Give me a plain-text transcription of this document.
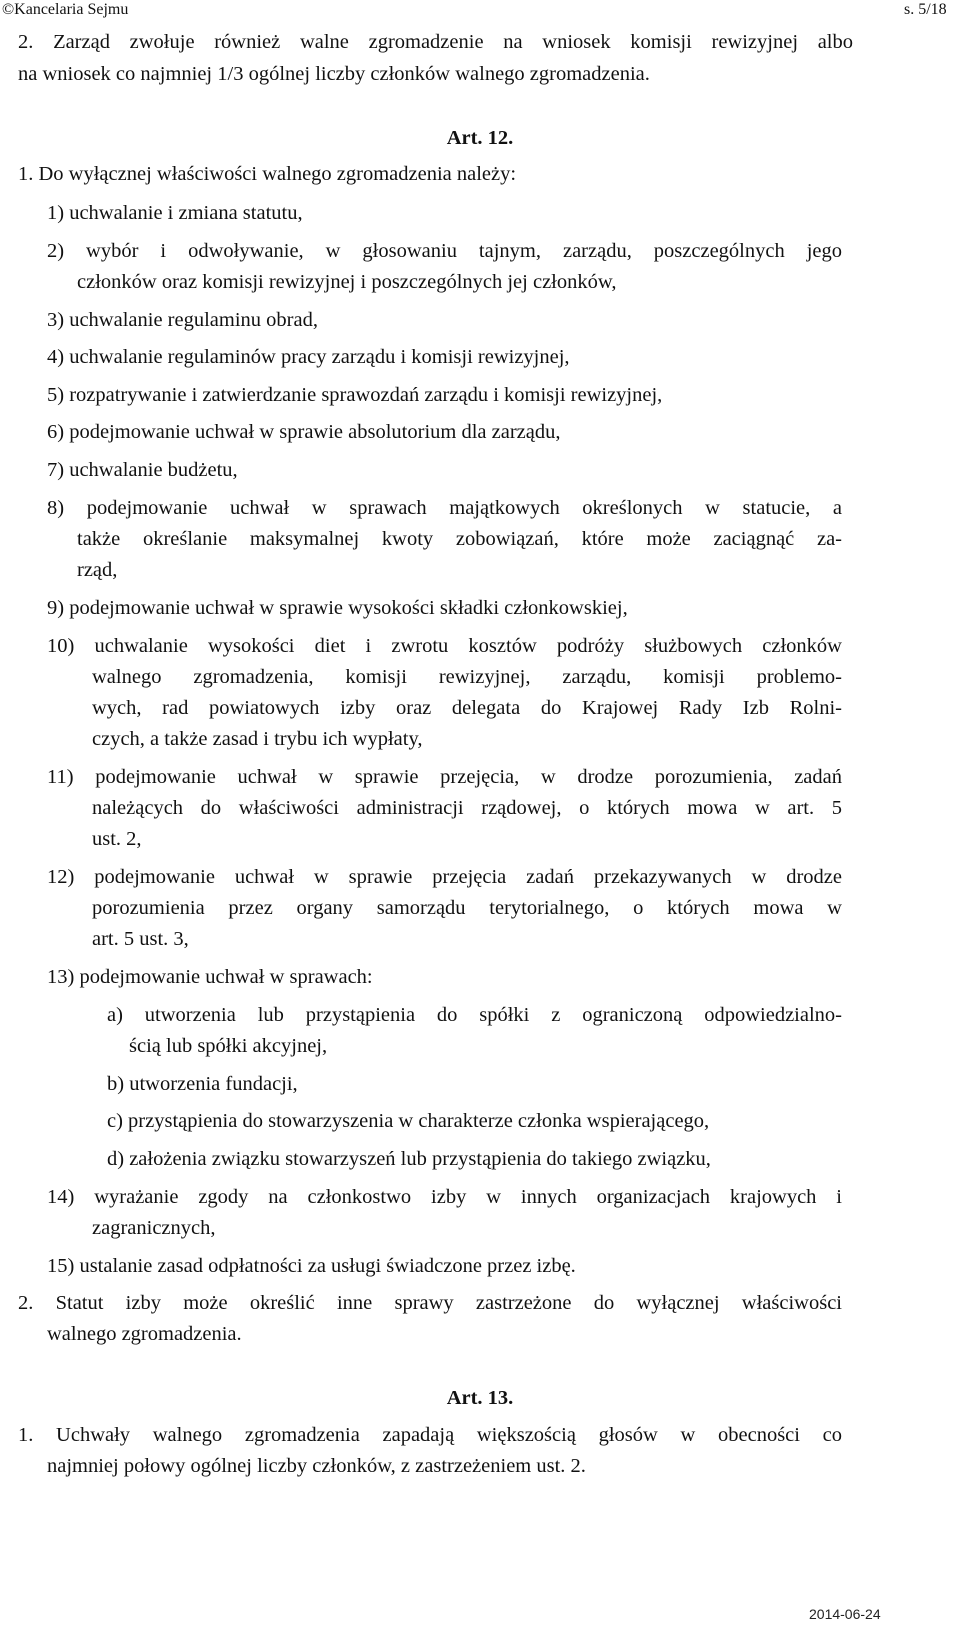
©Kancelaria Sejmu	s. 5/18
2. Zarząd zwołuje również walne zgromadzenie na wniosek komisji rewizyjnej albo
na wniosek co najmniej 1/3 ogólnej liczby członków walnego zgromadzenia.
Art. 12.
1. Do wyłącznej właściwości walnego zgromadzenia należy:
1) uchwalanie i zmiana statutu,
2) wybór i odwoływanie, w głosowaniu tajnym, zarządu, poszczególnych jego
członków oraz komisji rewizyjnej i poszczególnych jej członków,
3) uchwalanie regulaminu obrad,
4) uchwalanie regulaminów pracy zarządu i komisji rewizyjnej,
5) rozpatrywanie i zatwierdzanie sprawozdań zarządu i komisji rewizyjnej,
6) podejmowanie uchwał w sprawie absolutorium dla zarządu,
7) uchwalanie budżetu,
8) podejmowanie uchwał w sprawach majątkowych określonych w statucie, a
także określanie maksymalnej kwoty zobowiązań, które może zaciągnąć za-
rząd,
9) podejmowanie uchwał w sprawie wysokości składki członkowskiej,
10) uchwalanie wysokości diet i zwrotu kosztów podróży służbowych członków
walnego zgromadzenia, komisji rewizyjnej, zarządu, komisji problemo-
wych, rad powiatowych izby oraz delegata do Krajowej Rady Izb Rolni-
czych, a także zasad i trybu ich wypłaty,
11) podejmowanie uchwał w sprawie przejęcia, w drodze porozumienia, zadań
należących do właściwości administracji rządowej, o których mowa w art. 5
ust. 2,
12) podejmowanie uchwał w sprawie przejęcia zadań przekazywanych w drodze
porozumienia przez organy samorządu terytorialnego, o których mowa w
art. 5 ust. 3,
13) podejmowanie uchwał w sprawach:
a) utworzenia lub przystąpienia do spółki z ograniczoną odpowiedzialno-
ścią lub spółki akcyjnej,
b) utworzenia fundacji,
c) przystąpienia do stowarzyszenia w charakterze członka wspierającego,
d) założenia związku stowarzyszeń lub przystąpienia do takiego związku,
14) wyrażanie zgody na członkostwo izby w innych organizacjach krajowych i
zagranicznych,
15) ustalanie zasad odpłatności za usługi świadczone przez izbę.
2. Statut izby może określić inne sprawy zastrzeżone do wyłącznej właściwości
walnego zgromadzenia.
Art. 13.
1. Uchwały walnego zgromadzenia zapadają większością głosów w obecności co
najmniej połowy ogólnej liczby członków, z zastrzeżeniem ust. 2.
2014-06-24
